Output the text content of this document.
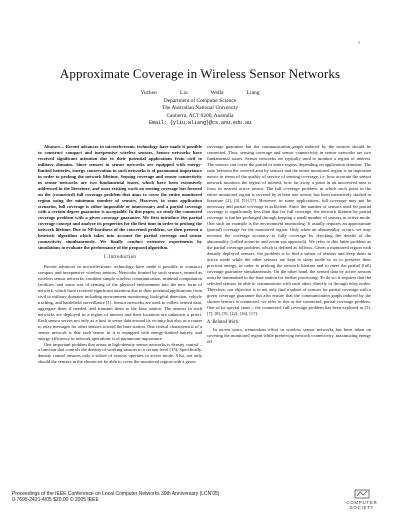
1
Approximate Coverage in Wireless Sensor Networks
Yuzhen Liu Weifa Liang
Department of Computer Science
The Australian National University
Canberra, ACT 0200, Australia
Email: {yliu,wliang}@cs.anu.edu.au

Abstract— Recent advances in microelectronic technology have made it possible to construct compact and inexpensive wireless sensors. Sensor networks have received significant attention due to their potential applications from civil to military domains. Since sensors in sensor networks are equipped with energy-limited batteries, energy conservation in such networks is of paramount importance in order to prolong the network lifetime. Sensing coverage and sensor connectivity in sensor networks are two fundamental issues, which have been extensively addressed in the literature, and most existing work on sensing coverage has focused on the (connected) full coverage problem that aims to cover the entire monitored region using the minimum number of sensors. However, in some application scenarios, full coverage is either impossible or unnecessary and a partial coverage with a certain degree guarantee is acceptable. In this paper, we study the connected coverage problem with a given coverage guarantee. We first introduce the partial coverage concept and analyze its properties for the first time in order to prolong the network lifetime. Due to NP-hardness of the concerned problem, we then present a heuristic algorithm which takes into account the partial coverage and sensor connectivity simultaneously. We finally conduct extensive experiments by simulations to evaluate the performance of the proposed algorithm.

I. Introduction

Recent advances in microelectronic technology have made it possible to construct compact and inexpensive wireless sensors. Networks formed by such sensors, termed as wireless sensor networks, combine simple wireless communication, minimal computation facilities, and some sort of sensing of the physical environment into the new form of network, which have received significant attention due to their potential applications from civil to military domains including environment monitoring, biological detection, vehicle tracking, and battlefield surveillance [1]. Sensor networks are used to collect sensed data, aggregate them if needed, and transmit them to the base station. The sensors in such networks are deployed in a region of interest and their locations are unknown a priori. Each sensor serves not only as a host to sense data around its vicinity but also as a router to relay messages for other sensors toward the base station. One critical characteristic of a sensor network is that each sensor in it is equipped with energy-limited battery, and energy-efficiency in network operations is of paramount importance.

One important problem that arises in high-density sensor networks is density control – a function that controls the density of working sensors to a certain level [15]. Specifically, density control ensures only a subset of sensors operates in active mode. Also, not only should the sensors in the chosen set be able to cover the monitored region with a given

coverage guarantee but the communication graph induced by the sensors should be connected. Thus, sensing coverage and sensor connectivity in sensor networks are two fundamental issues. Sensor networks are typically used to monitor a region of interest. The sensors can cover the partial or entire region, depending on application domains. The ratio between the covered area by sensors and the entire monitored region is an important metric in terms of the quality of service of sensing coverage, i.e. how accurate the sensor network monitors the region of interest, how far away a point in an uncovered area is from its nearest active sensor. The full coverage problem, in which each point in the entire monitored region is covered by at least one sensor, has been extensively studied in literature [2], [3] [5]-[17]. However, in some applications, full coverage may not be necessary and partial coverage is sufficient. Since the number of sensors used for partial coverage is significantly less than that for full coverage, the network lifetime by partial coverage is further prolonged through keeping a small number of sensors in active mode. One such an example is the environment monitoring. It usually requires an approximate (partial) coverage for the monitored region. Only when an abnormality occurs, we may increase the coverage accuracy to fully coverage by checking the details of the abnormality (called zoom-in and zoom-out approach). We refer to this latter problem as the partial coverage problem, which is defined as follows. Given a monitored region with densely deployed sensors, the problem is to find a subset of sensors and keep them in active mode while the other sensors are kept in sleep mode so as to preserve their precious energy, in order to prolong the network lifetime and to meet the partial (full) coverage guarantee simultaneously. On the other hand, the sensed data by active sensors must be transmitted to the base station for further processing. To do so, it requires that the selected sensors be able to communicate with each other, directly or through relay nodes. Therefore, our objective is to not only find a subset of sensors for partial coverage with a given coverage guarantee but also ensure that the communication graph induced by the chosen sensors is connected, we refer to this as the connected, partial coverage problem. One of its special cases – the connected, full coverage problem has been explored in [5], [7], [8], [9], [12], [16], [17].

A. Related Work

In recent years, tremendous effort in wireless sensor networks has been taken on covering the monitored region while preserving network connectivity, maximizing energy eff

Proceedings of the IEEE Conference on Local Computer Networks 30th Anniversary (LCN'05)
0-7695-2421-4/05 $20.00 © 2005 IEEE	COMPUTER
SOCIETY
